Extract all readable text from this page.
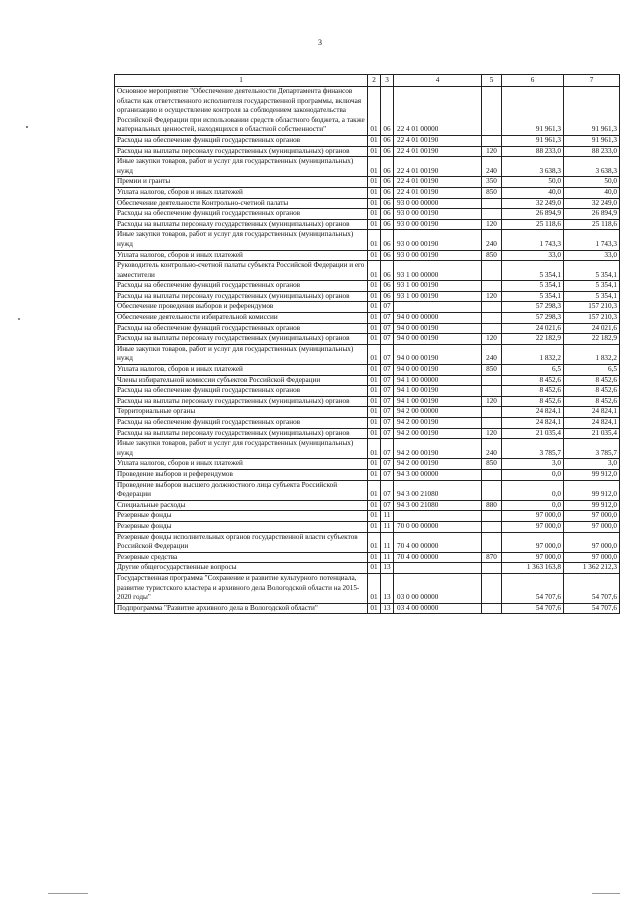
3
1	2	3	4	5	6	7
Основное мероприятие "Обеспечение деятельности Департамента финансов области как ответственного исполнителя государственной программы, включая организацию и осуществление контроля за соблюдением законодательства Российской Федерации при использовании средств областного бюджета, а также материальных ценностей, находящихся в областной собственности"	01	06	22 4 01 00000		91 961,3	91 961,3
Расходы на обеспечение функций государственных органов	01	06	22 4 01 00190		91 961,3	91 961,3
Расходы на выплаты персоналу государственных (муниципальных) органов	01	06	22 4 01 00190	120	88 233,0	88 233,0
Иные закупки товаров, работ и услуг для государственных (муниципальных) нужд	01	06	22 4 01 00190	240	3 638,3	3 638,3
Премии и гранты	01	06	22 4 01 00190	350	50,0	50,0
Уплата налогов, сборов и иных платежей	01	06	22 4 01 00190	850	40,0	40,0
Обеспечение деятельности Контрольно-счетной палаты	01	06	93 0 00 00000		32 249,0	32 249,0
Расходы на обеспечение функций государственных органов	01	06	93 0 00 00190		26 894,9	26 894,9
Расходы на выплаты персоналу государственных (муниципальных) органов	01	06	93 0 00 00190	120	25 118,6	25 118,6
Иные закупки товаров, работ и услуг для государственных (муниципальных) нужд	01	06	93 0 00 00190	240	1 743,3	1 743,3
Уплата налогов, сборов и иных платежей	01	06	93 0 00 00190	850	33,0	33,0
Руководитель контрольно-счетной палаты субъекта Российской Федерации и его заместители	01	06	93 1 00 00000		5 354,1	5 354,1
Расходы на обеспечение функций государственных органов	01	06	93 1 00 00190		5 354,1	5 354,1
Расходы на выплаты персоналу государственных (муниципальных) органов	01	06	93 1 00 00190	120	5 354,1	5 354,1
Обеспечение проведения выборов и референдумов	01	07			57 298,3	157 210,3
Обеспечение деятельности избирательной комиссии	01	07	94 0 00 00000		57 298,3	157 210,3
Расходы на обеспечение функций государственных органов	01	07	94 0 00 00190		24 021,6	24 021,6
Расходы на выплаты персоналу государственных (муниципальных) органов	01	07	94 0 00 00190	120	22 182,9	22 182,9
Иные закупки товаров, работ и услуг для государственных (муниципальных) нужд	01	07	94 0 00 00190	240	1 832,2	1 832,2
Уплата налогов, сборов и иных платежей	01	07	94 0 00 00190	850	6,5	6,5
Члены избирательной комиссии субъектов Российской Федерации	01	07	94 1 00 00000		8 452,6	8 452,6
Расходы на обеспечение функций государственных органов	01	07	94 1 00 00190		8 452,6	8 452,6
Расходы на выплаты персоналу государственных (муниципальных) органов	01	07	94 1 00 00190	120	8 452,6	8 452,6
Территориальные органы	01	07	94 2 00 00000		24 824,1	24 824,1
Расходы на обеспечение функций государственных органов	01	07	94 2 00 00190		24 824,1	24 824,1
Расходы на выплаты персоналу государственных (муниципальных) органов	01	07	94 2 00 00190	120	21 035,4	21 035,4
Иные закупки товаров, работ и услуг для государственных (муниципальных) нужд	01	07	94 2 00 00190	240	3 785,7	3 785,7
Уплата налогов, сборов и иных платежей	01	07	94 2 00 00190	850	3,0	3,0
Проведение выборов и референдумов	01	07	94 3 00 00000		0,0	99 912,0
Проведение выборов высшего должностного лица субъекта Российской Федерации	01	07	94 3 00 21080		0,0	99 912,0
Специальные расходы	01	07	94 3 00 21080	880	0,0	99 912,0
Резервные фонды	01	11			97 000,0	97 000,0
Резервные фонды	01	11	70 0 00 00000		97 000,0	97 000,0
Резервные фонды исполнительных органов государственной власти субъектов Российской Федерации	01	11	70 4 00 00000		97 000,0	97 000,0
Резервные средства	01	11	70 4 00 00000	870	97 000,0	97 000,0
Другие общегосударственные вопросы	01	13			1 363 163,8	1 362 212,3
Государственная программа "Сохранение и развитие культурного потенциала, развитие туристского кластера и архивного дела Вологодской области на 2015-2020 годы"	01	13	03 0 00 00000		54 707,6	54 707,6
Подпрограмма "Развитие архивного дела в Вологодской области"	01	13	03 4 00 00000		54 707,6	54 707,6
